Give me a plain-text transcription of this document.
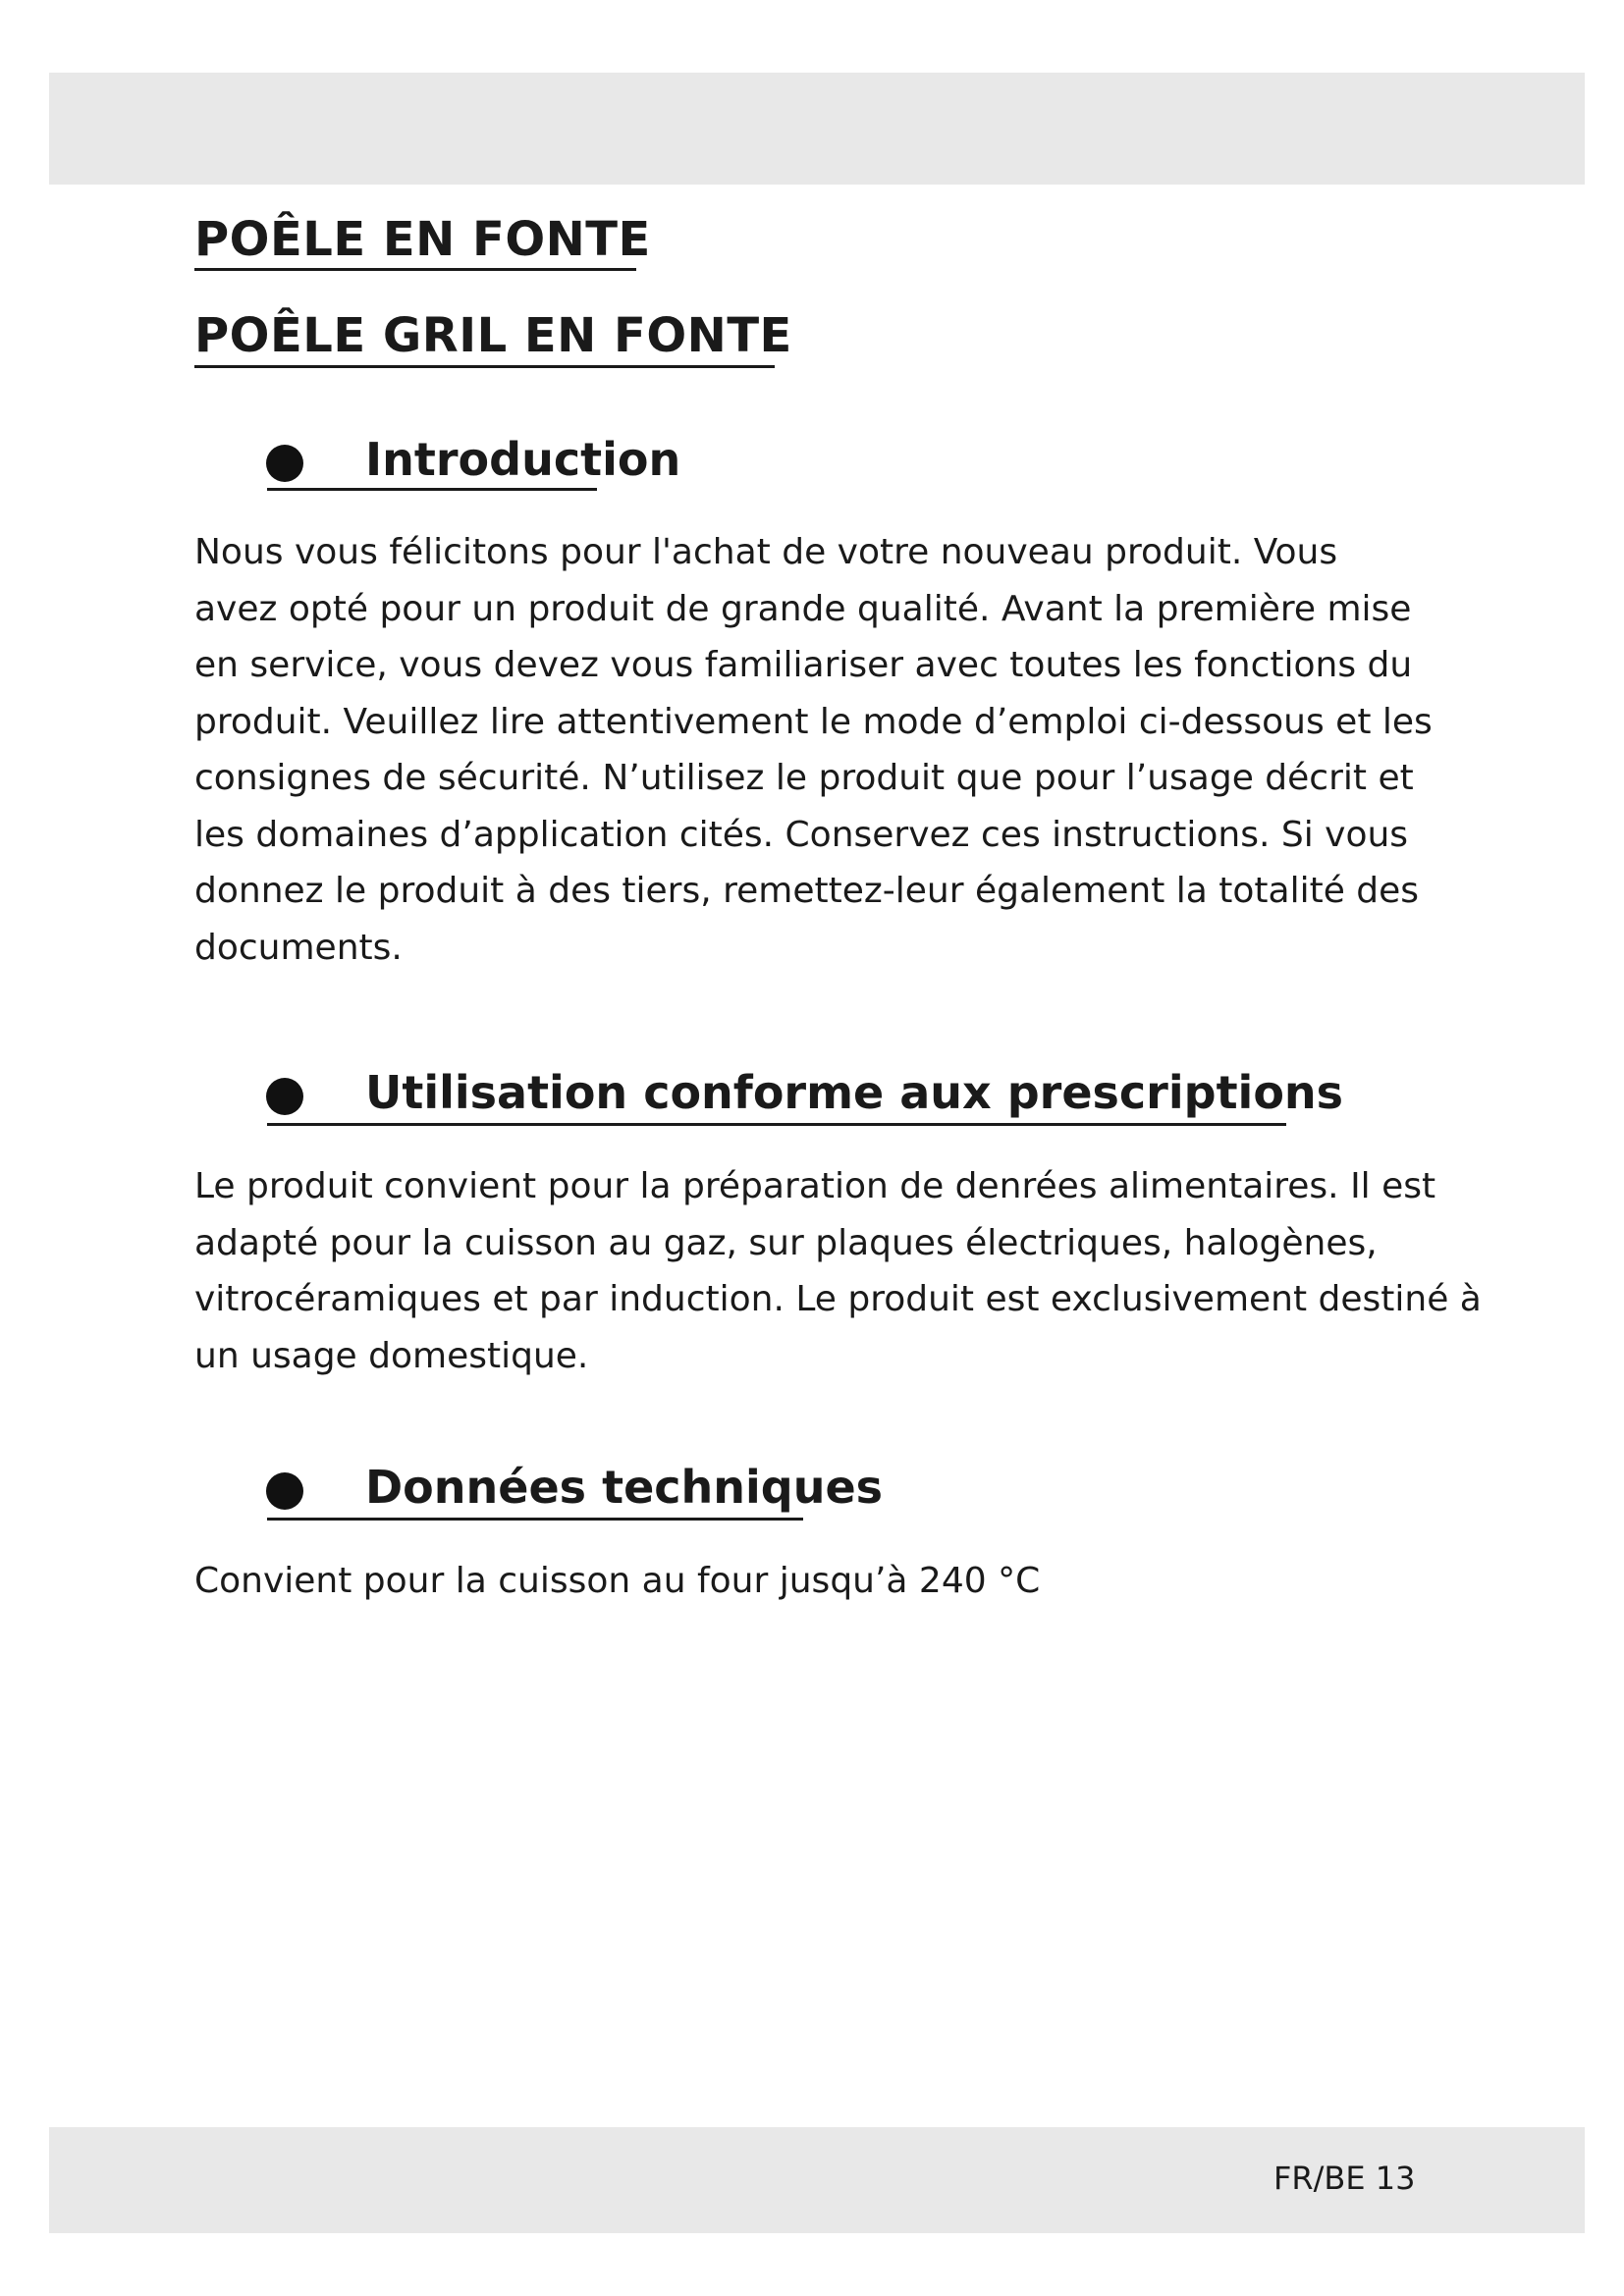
POÊLE EN FONTE
POÊLE GRIL EN FONTE
Introduction

Nous vous félicitons pour l'achat de votre nouveau produit. Vous
avez opté pour un produit de grande qualité. Avant la première mise
en service, vous devez vous familiariser avec toutes les fonctions du
produit. Veuillez lire attentivement le mode d’emploi ci-dessous et les
consignes de sécurité. N’utilisez le produit que pour l’usage décrit et
les domaines d’application cités. Conservez ces instructions. Si vous
donnez le produit à des tiers, remettez-leur également la totalité des
documents.

Utilisation conforme aux prescriptions

Le produit convient pour la préparation de denrées alimentaires. Il est
adapté pour la cuisson au gaz, sur plaques électriques, halogènes,
vitrocéramiques et par induction. Le produit est exclusivement destiné à
un usage domestique.

Données techniques

Convient pour la cuisson au four jusqu’à 240 °C

FR/BE 13
